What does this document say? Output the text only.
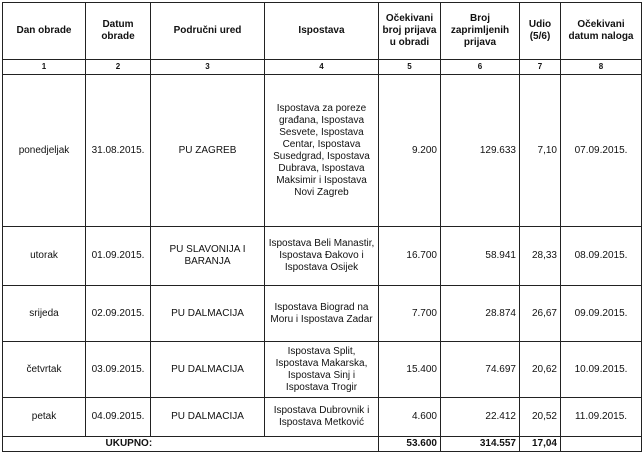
Dan obrade	Datum obrade	Područni ured	Ispostava	Očekivani broj prijava u obradi	Broj zaprimljenih prijava	Udio (5/6)	Očekivani datum naloga
1	2	3	4	5	6	7	8
ponedjeljak	31.08.2015.	PU ZAGREB	Ispostava za poreze građana, Ispostava Sesvete, Ispostava Centar, Ispostava Susedgrad, Ispostava Dubrava, Ispostava Maksimir i Ispostava Novi Zagreb	9.200	129.633	7,10	07.09.2015.
utorak	01.09.2015.	PU SLAVONIJA I BARANJA	Ispostava Beli Manastir, Ispostava Đakovo i Ispostava Osijek	16.700	58.941	28,33	08.09.2015.
srijeda	02.09.2015.	PU DALMACIJA	Ispostava Biograd na Moru i Ispostava Zadar	7.700	28.874	26,67	09.09.2015.
četvrtak	03.09.2015.	PU DALMACIJA	Ispostava Split, Ispostava Makarska, Ispostava Sinj i Ispostava Trogir	15.400	74.697	20,62	10.09.2015.
petak	04.09.2015.	PU DALMACIJA	Ispostava Dubrovnik i Ispostava Metković	4.600	22.412	20,52	11.09.2015.
	UKUPNO:			53.600	314.557	17,04	
